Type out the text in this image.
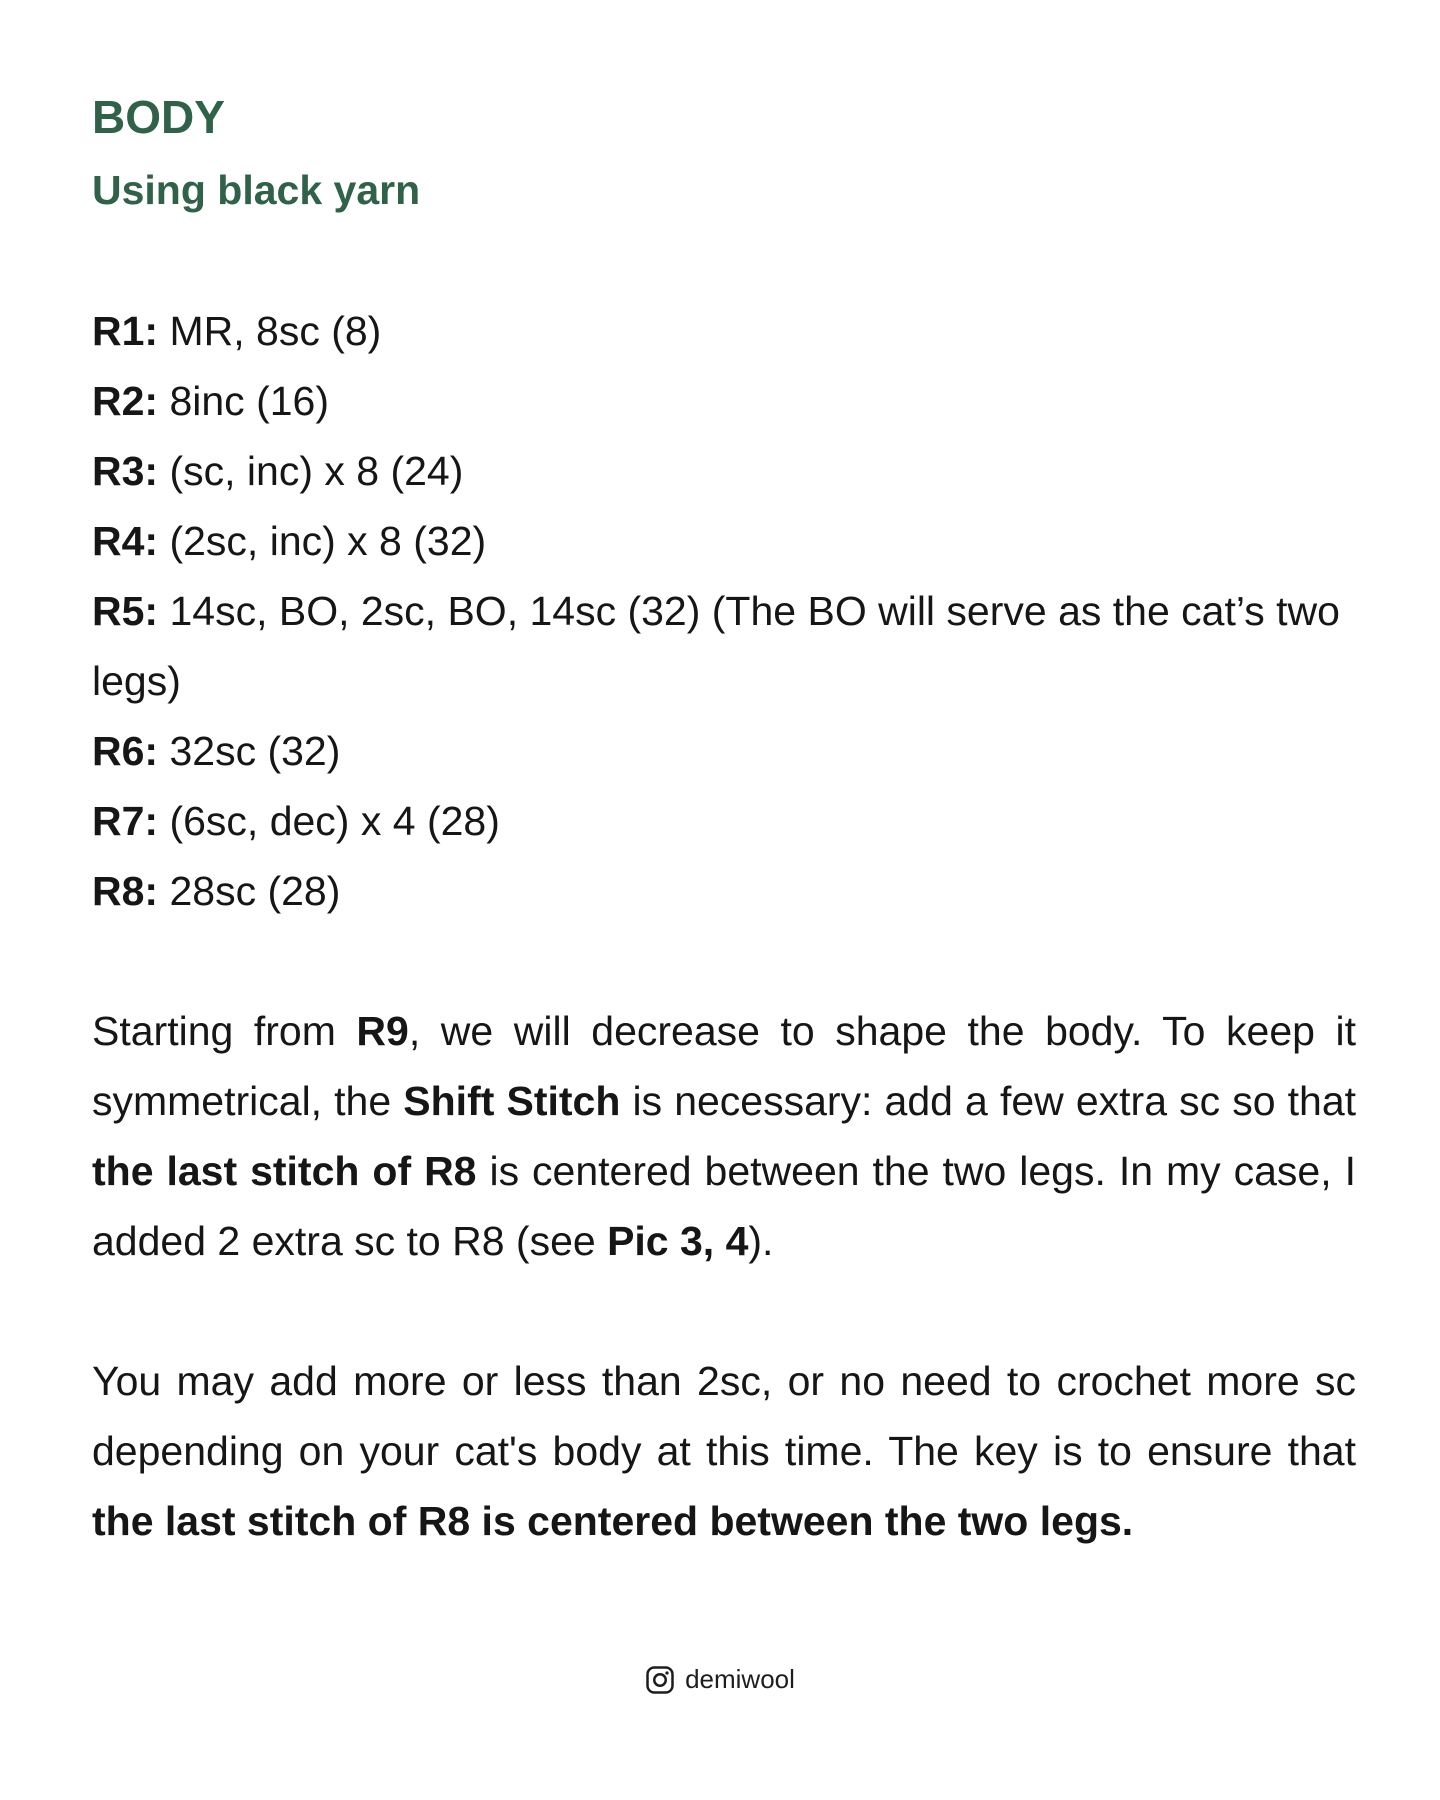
BODY
Using black yarn
R1: MR, 8sc (8)
R2: 8inc (16)
R3: (sc, inc) x 8 (24)
R4: (2sc, inc) x 8 (32)
R5: 14sc, BO, 2sc, BO, 14sc (32) (The BO will serve as the cat’s two legs)
R6: 32sc (32)
R7: (6sc, dec) x 4 (28)
R8: 28sc (28)

Starting from R9, we will decrease to shape the body. To keep it symmetrical, the Shift Stitch is necessary: add a few extra sc so that the last stitch of R8 is centered between the two legs. In my case, I added 2 extra sc to R8 (see Pic 3, 4).

You may add more or less than 2sc, or no need to crochet more sc depending on your cat's body at this time. The key is to ensure that the last stitch of R8 is centered between the two legs.

demiwool
